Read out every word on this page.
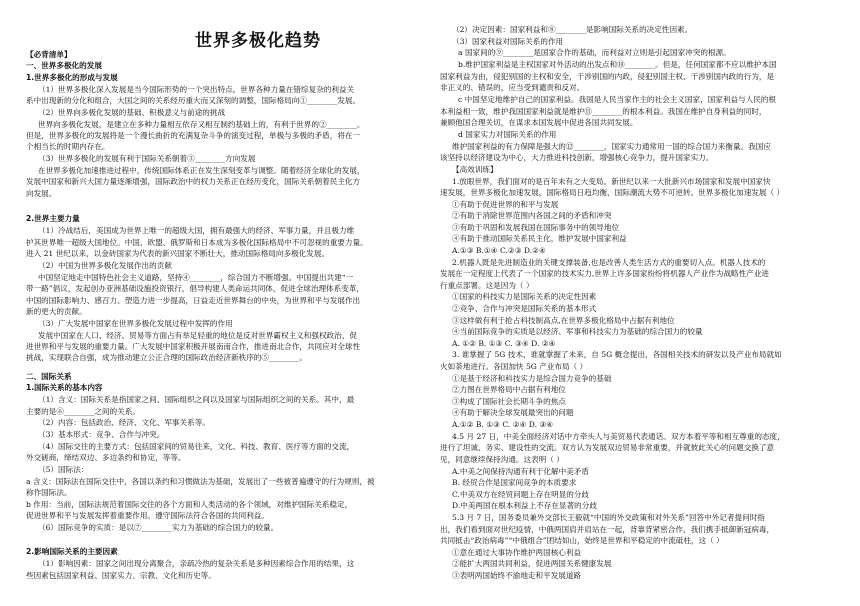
世界多极化趋势
【必背清单】
一、世界多极化的发展
1.世界多极化的形成与发展
（1）世界多极化深入发展是当今国际形势的一个突出特点。世界各种力量在错综复杂的利益关
系中出现新的分化和组合，大国之间的关系经历重大而又深刻的调整，国际格局向①________发展。
（2）世界向多极化发展的基础、积极意义与前途的挑战
世界向多极化发展，是建立在多种力量相互依存又相互制约基础上的，有利于世界的②________。
但是，世界多极化的发展将是一个漫长曲折的充满复杂斗争的演变过程，单极与多极的矛盾，将在一
个相当长的时期内存在。
（3）世界多极化的发展有利于国际关系朝着③________方向发展
在世界多极化加速推进过程中，传统国际体系正在发生深刻变革与调整。随着经济全球化的发展，
发展中国家和新兴大国力量逐渐增强，国际政治中的权力关系正在经历变化，国际关系朝着民主化方
向发展。
2.世界主要力量
（1）冷战结后，美国成为世界上唯一的超级大国，拥有最强大的经济、军事力量，并且极力维
护其世界唯一超级大国地位。中国、欧盟、俄罗斯和日本成为多极化国际格局中不可忽视的重要力量。
进入 21 世纪以来，以金砖国家为代表的新兴国家不断壮大，推动国际格局向多极化发展。
（2）中国为世界多极化发展作出的贡献
中国坚定地走中国特色社会主义道路，坚持④________，综合国力不断增强。中国提出共建“一
带一路”倡议，发起创办亚洲基础设施投资银行，倡导构建人类命运共同体，促进全球治理体系变革，
中国的国际影响力、感召力、塑造力进一步提高，日益走近世界舞台的中央，为世界和平与发展作出
新的更大的贡献。
（3）广大发展中国家在世界多极化发展过程中发挥的作用
发展中国家在人口、经济、贸易等方面占有举足轻重的地位是反对世界霸权主义和强权政治、促
进世界和平与发展的重要力量。广大发展中国家积极开展南南合作，推进南北合作，共同应对全球性
挑战，实现联合自强，成为推动建立公正合理的国际政治经济新秩序的⑤________。
二、国际关系
1.国际关系的基本内容
（1）含义：国际关系是指国家之间、国际组织之间以及国家与国际组织之间的关系。其中，最
主要的是⑥________之间的关系。
（2）内容：包括政治、经济、文化、军事关系等。
（3）基本形式：竞争、合作与冲突。
（4）国际交往的主要方式：包括国家间的贸易往来，文化、科技、教育、医疗等方面的交流，
外交磋商，缔结双边、多边条约和协定，等等。
（5）国际法：
a 含义：国际法在国际交往中，各国以条约和习惯做法为基础，发展出了一些被普遍遵守的行为规则，被
称作国际法。
b 作用：当前，国际法规范着国际交往的各个方面和人类活动的各个领域，对维护国际关系稳定，
促进世界和平与发展发挥着重要作用。遵守国际法符合各国的共同利益。
（6）国际竞争的实质：是以⑦________实力为基础的综合国力的较量。
2.影响国际关系的主要因素
（1）影响因素：国家之间出现分离聚合，亲疏冷热的复杂关系是多种因素综合作用的结果，这
些因素包括国家利益、国家实力、宗教、文化和历史等。
（2）决定因素：国家利益和⑧________是影响国际关系的决定性因素。
（3）国家利益对国际关系的作用
a 国家间的⑨________是国家合作的基础，而利益对立则是引起国家冲突的根源。
b.维护国家利益是主权国家对外活动的出发点和⑩________。但是，任何国家都不应以维护本国
国家利益为由，侵犯别国的主权和安全，干涉别国的内政，侵犯别国主权、干涉别国内政的行为，是
非正义的、错误的，应当受到谴责和反对。
c 中国坚定地维护自己的国家利益。我国是人民当家作主的社会主义国家，国家利益与人民的根
本利益相一致，维护我国国家利益就是维护⑪________的根本利益。我国在维护自身利益的同时，
兼顾他国合理关切，在谋求本国发展中促进各国共同发展。
d 国家实力对国际关系的作用
维护国家利益的有力保障是强大的⑫________，国家实力通常用一国的综合国力来衡量。我国应
该坚持以经济建设为中心，大力推进科技创新，增强核心竞争力，提升国家实力。
【高效训练】
1.放眼世界，我们面对的是百年未有之大变局。新世纪以来一大批新兴市场国家和发展中国家快
速发展，世界多极化加速发展，国际格局日趋均衡，国际潮流大势不可逆转。世界多极化加速发展（ ）
①有助于促进世界的和平与发展
②有助于消除世界范围内各国之间的矛盾和冲突
③有助于巩固和发展我国在国际事务中的领导地位
④有助于推动国际关系民主化，维护发展中国家利益
A.①③ B.①④ C.②③ D.②④
2.机器人既是先进制造业的关键支撑装备,也是改善人类生活方式的重要切入点。机器人技术的
发展在一定程度上代表了一个国家的技术实力,世界上许多国家纷纷将机器人产业作为战略性产业进
行重点部署。这是因为（ ）
①国家的科技实力是国际关系的决定性因素
②竞争、合作与冲突是国际关系的基本形式
③这样做有利于抢占科技制高点,在世界多极化格局中占据有利地位
④当前国际竞争的实质是以经济、军事和科技实力为基础的综合国力的较量
A. ①② B. ①③ C. ③④ D. ②④
3. 谁掌握了 5G 技术，谁就掌握了未来，自 5G 概念提出，各国相关技术的研发以及产业布局就如
火如荼地进行。各国加快 5G 产业布局（ ）
①是基于经济和科技实力是综合国力竞争的基础
②力图在世界格局中占据有利地位
③构成了国际社会长期斗争的焦点
④有助于解决全球发展最突出的问题
A.①② B. ①③ C. ②④ D. ③④
4.5 月 27 日，中美全面经济对话中方牵头人与美贸易代表通话。双方本着平等和相互尊重的态度，
进行了坦诚、务实、建设性的交流。双方认为发展双边贸易非常重要，并就彼此关心的问题交换了意
见，同意继续保持沟通。这表明（ ）
A.中美之间保持沟通有利于化解中美矛盾
B. 经贸合作是国家间竞争的本质要求
C.中美双方在经贸问题上存在明显的分歧
D.中美两国在根本利益上不存在显著的分歧
5.3 月 7 日，国务委员兼外交部长王毅就“中国的外交政策和对外关系”回答中外记者提问时指
出，我们看到面对世纪疫情，中俄两国肩并肩站在一起，背靠背紧密合作，我们携手抵御新冠病毒，
共同抵击“政治病毒”“中俄组合”团结如山，始终是世界和平稳定的中流砥柱，这（ ）
①意在通过大事协作维护两国核心利益
②能扩大两国共同利益，促进两国关系健康发展
③表明两国始终不渝地走和平发展道路
